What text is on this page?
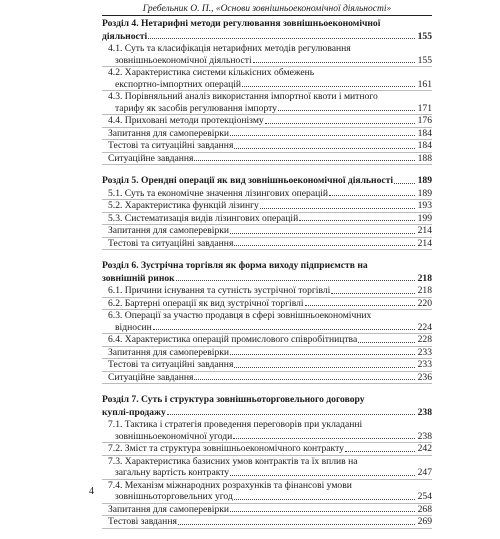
Гребельник О. П., «Основи зовнішньоекономічної діяльності»
Розділ 4. Нетарифні методи регулювання зовнішньоекономічної
діяльності	155
4.1. Суть та класифікація нетарифних методів регулювання
зовнішньоекономічної діяльності	155
4.2. Характеристика системи кількісних обмежень
експортно-імпортних операцій	161
4.3. Порівняльний аналіз використання імпортної квоти і митного
тарифу як засобів регулювання імпорту	171
4.4. Приховані методи протекціонізму	176
Запитання для самоперевірки	184
Тестові та ситуаційні завдання	184
Ситуаційне завдання	188
Розділ 5. Орендні операції як вид зовнішньоекономічної діяльності	189
5.1. Суть та економічне значення лізингових операцій	189
5.2. Характеристика функцій лізингу	193
5.3. Систематизація видів лізингових операцій	199
Запитання для самоперевірки	214
Тестові та ситуаційні завдання	214
Розділ 6. Зустрічна торгівля як форма виходу підприємств на
зовнішній ринок	218
6.1. Причини існування та сутність зустрічної торгівлі	218
6.2. Бартерні операції як вид зустрічної торгівлі	220
6.3. Операції за участю продавця в сфері зовнішньоекономічних
відносин	224
6.4. Характеристика операцій промислового співробітництва	228
Запитання для самоперевірки	233
Тестові та ситуаційні завдання	233
Ситуаційне завдання	236
Розділ 7. Суть і структура зовнішньоторговельного договору
куплі-продажу	238
7.1. Тактика і стратегія проведення переговорів при укладанні
зовнішньоекономічної угоди	238
7.2. Зміст та структура зовнішньоекономічного контракту	242
7.3. Характеристика базисних умов контрактів та їх вплив на
загальну вартість контракту	247
7.4. Механізм міжнародних розрахунків та фінансові умови
зовнішньоторговельних угод	254
Запитання для самоперевірки	268
Тестові завдання	269
4
